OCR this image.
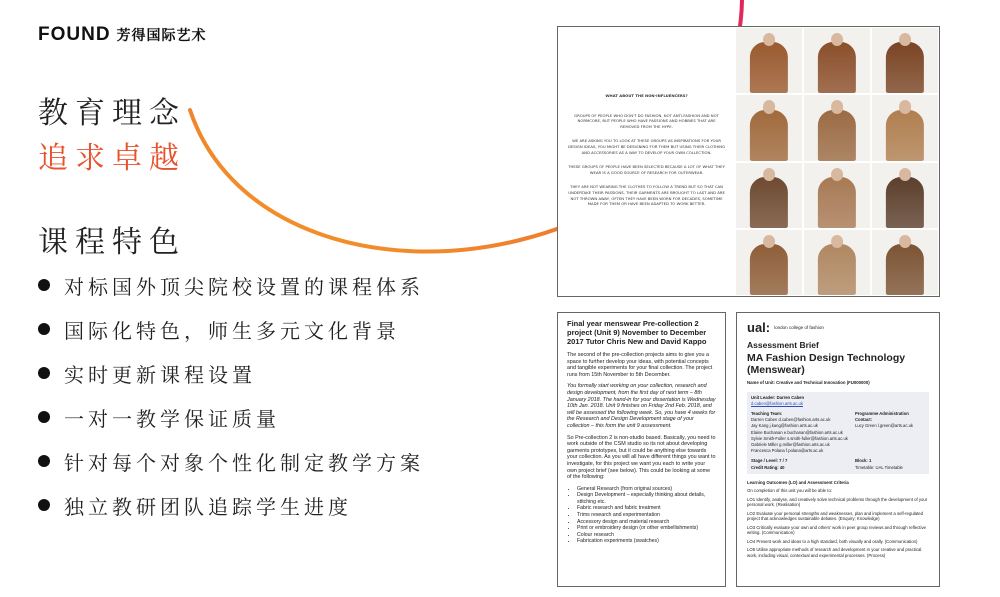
FOUND 芳得国际艺术
教育理念
追求卓越
课程特色
对标国外顶尖院校设置的课程体系
国际化特色，师生多元文化背景
实时更新课程设置
一对一教学保证质量
针对每个对象个性化制定教学方案
独立教研团队追踪学生进度

WHAT ABOUT THE NON-INFLUENCERS?

GROUPS OF PEOPLE WHO DON'T DO FASHION, NOT ANTI-FASHION AND NOT NORMCORE, BUT PEOPLE WHO HAVE PASSIONS AND HOBBIES THAT ARE REMOVED FROM THE HYPE.

WE ARE ASKING YOU TO LOOK AT THESE GROUPS AS INSPIRATIONS FOR YOUR DESIGN IDEAS, YOU MIGHT BE DESIGNING FOR THEM BUT USING THEIR CLOTHING AND ACCESSORIES AS A WAY TO DEVELOP YOUR OWN COLLECTION.

THESE GROUPS OF PEOPLE HAVE BEEN SELECTED BECAUSE A LOT OF WHAT THEY WEAR IS A GOOD SOURCE OF RESEARCH FOR OUTERWEAR.

THEY ARE NOT WEARING THE CLOTHES TO FOLLOW A TREND BUT SO THAT CAN UNDERTAKE THEIR PASSIONS. THEIR GARMENTS ARE BROUGHT TO LAST AND ARE NOT THROWN AWAY, OFTEN THEY HAVE BEEN WORN FOR DECADES, SOMETIME MADE FOR THEM OR HAVE BEEN ADAPTED TO WORK BETTER.

Final year menswear Pre-collection 2 project (Unit 9) November to December 2017 Tutor Chris New and David Kappo

The second of the pre-collection projects aims to give you a space to further develop your ideas, with potential concepts and tangible experiments for your final collection. The project runs from 15th November to 5th December.

You formally start working on your collection, research and design development, from the first day of next term – 8th January 2018. The hand-in for your dissertation is Wednesday 10th Jan. 2018. Unit 9 finishes on Friday 2nd Feb. 2018, and will be assessed the following week. So, you have 4 weeks for the Research and Design Development stage of your collection – this form the unit 9 assessment.

So Pre-collection 2 is non-studio based. Basically, you need to work outside of the CSM studio so its not about developing garments prototypes, but it could be anything else towards your collection. As you will all have different things you want to investigate, for this project we want you each to write your own project brief (see below). This could be looking at some of the following:

• General Research (from original sources)
• Design Development – especially thinking about details, stitching etc.
• Fabric research and fabric treatment
• Trims research and experimentation
• Accessory design and material research
• Print or embroidery design (or other embellishments)
• Colour research
• Fabrication experiments (swatches)
ual: london college of fashion
Assessment Brief
MA Fashion Design Technology (Menswear)
Name of Unit: Creative and Technical Innovation (FU000000)
Unit Leader: Darren Caben
d.caben@fashion.arts.ac.uk
Teaching Team:
Darren Caben d.caben@fashion.arts.ac.uk
Jay Kang j.kang@fashion.arts.ac.uk
Elaine Buchanan e.buchanan@fashion.arts.ac.uk
Sylvie Smith-Fuller s.smith-fuller@fashion.arts.ac.uk
Gabriele Miller g.miller@fashion.arts.ac.uk
Francesca Polana f.polana@arts.ac.uk
Programme Administration Contact:
Lucy Green l.green@arts.ac.uk
Stage / Level: 7 / 7	Block: 1
Credit Rating: 40	Timetable: UAL Timetable
Learning Outcomes (LO) and Assessment Criteria
On completion of this unit you will be able to:
LO1 Identify, analyse, and creatively solve technical problems through the development of your personal work. (Realisation)
LO2 Evaluate your personal strengths and weaknesses, plan and implement a self-regulated project that acknowledges sustainable debates. (Enquiry; Knowledge)
LO3 Critically evaluate your own and others' work in peer group reviews and through reflective writing. (Communication)
LO4 Present work and ideas to a high standard, both visually and orally. (Communication)
LO5 Utilise appropriate methods of research and development in your creative and practical work, including visual, contextual and experimental processes. (Process)
